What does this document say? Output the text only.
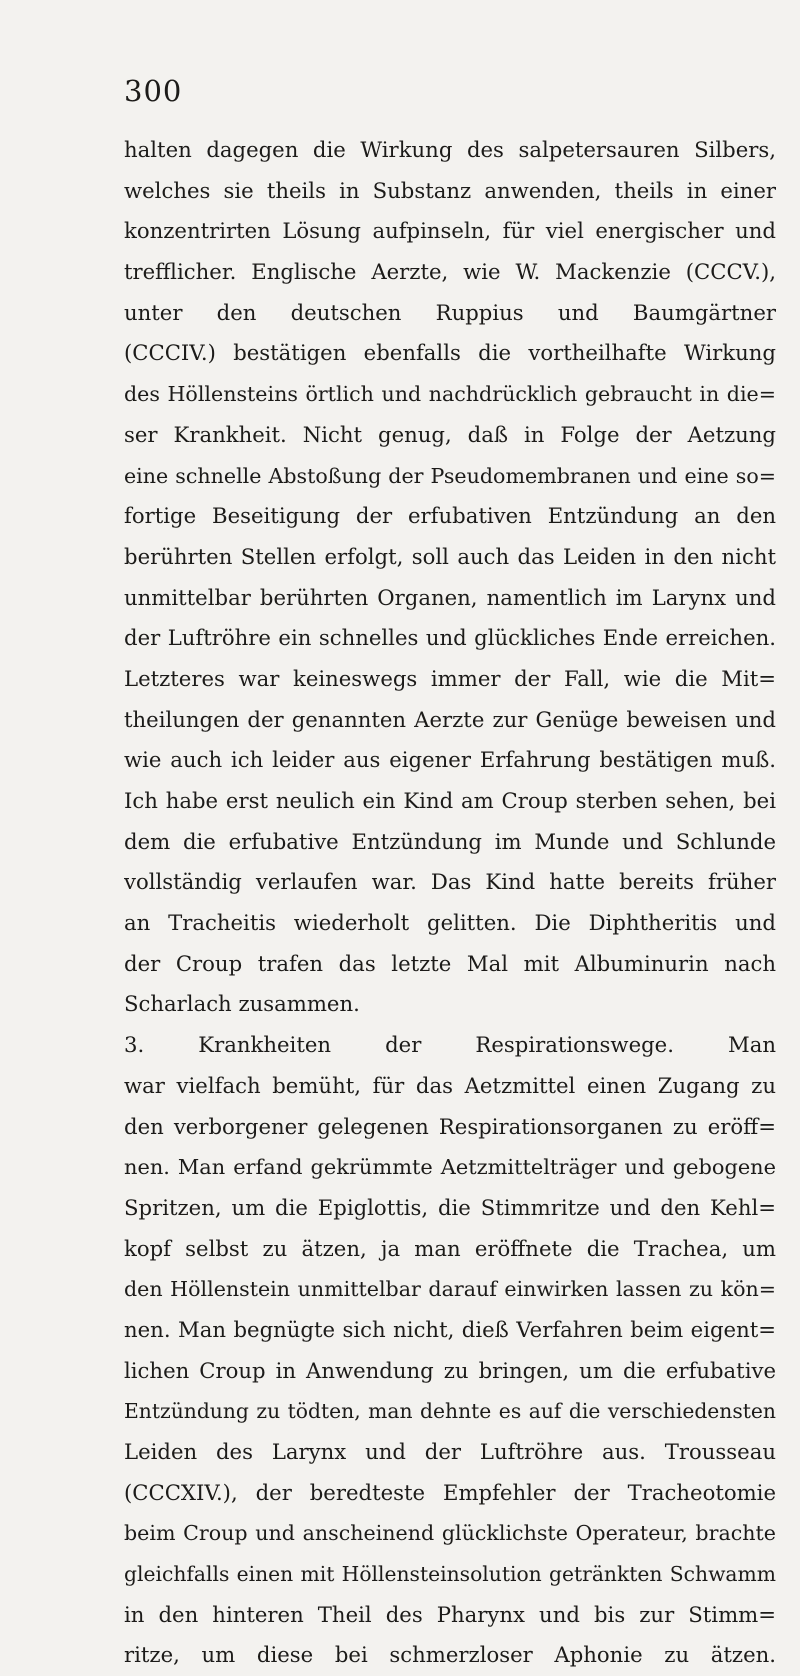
300
halten dagegen die Wirkung des salpetersauren Silbers,
welches sie theils in Substanz anwenden, theils in einer
konzentrirten Lösung aufpinseln, für viel energischer und
trefflicher. Englische Aerzte, wie W. Mackenzie (CCCV.),
unter den deutschen Ruppius und Baumgärtner
(CCCIV.) bestätigen ebenfalls die vortheilhafte Wirkung
des Höllensteins örtlich und nachdrücklich gebraucht in die=
ser Krankheit. Nicht genug, daß in Folge der Aetzung
eine schnelle Abstoßung der Pseudomembranen und eine so=
fortige Beseitigung der erfubativen Entzündung an den
berührten Stellen erfolgt, soll auch das Leiden in den nicht
unmittelbar berührten Organen, namentlich im Larynx und
der Luftröhre ein schnelles und glückliches Ende erreichen.
Letzteres war keineswegs immer der Fall, wie die Mit=
theilungen der genannten Aerzte zur Genüge beweisen und
wie auch ich leider aus eigener Erfahrung bestätigen muß.
Ich habe erst neulich ein Kind am Croup sterben sehen, bei
dem die erfubative Entzündung im Munde und Schlunde
vollständig verlaufen war. Das Kind hatte bereits früher
an Tracheitis wiederholt gelitten. Die Diphtheritis und
der Croup trafen das letzte Mal mit Albuminurin nach
Scharlach zusammen.
3. Krankheiten der Respirationswege. Man
war vielfach bemüht, für das Aetzmittel einen Zugang zu
den verborgener gelegenen Respirationsorganen zu eröff=
nen. Man erfand gekrümmte Aetzmittelträger und gebogene
Spritzen, um die Epiglottis, die Stimmritze und den Kehl=
kopf selbst zu ätzen, ja man eröffnete die Trachea, um
den Höllenstein unmittelbar darauf einwirken lassen zu kön=
nen. Man begnügte sich nicht, dieß Verfahren beim eigent=
lichen Croup in Anwendung zu bringen, um die erfubative
Entzündung zu tödten, man dehnte es auf die verschiedensten
Leiden des Larynx und der Luftröhre aus. Trousseau
(CCCXIV.), der beredteste Empfehler der Tracheotomie
beim Croup und anscheinend glücklichste Operateur, brachte
gleichfalls einen mit Höllensteinsolution getränkten Schwamm
in den hinteren Theil des Pharynx und bis zur Stimm=
ritze, um diese bei schmerzloser Aphonie zu ätzen.
